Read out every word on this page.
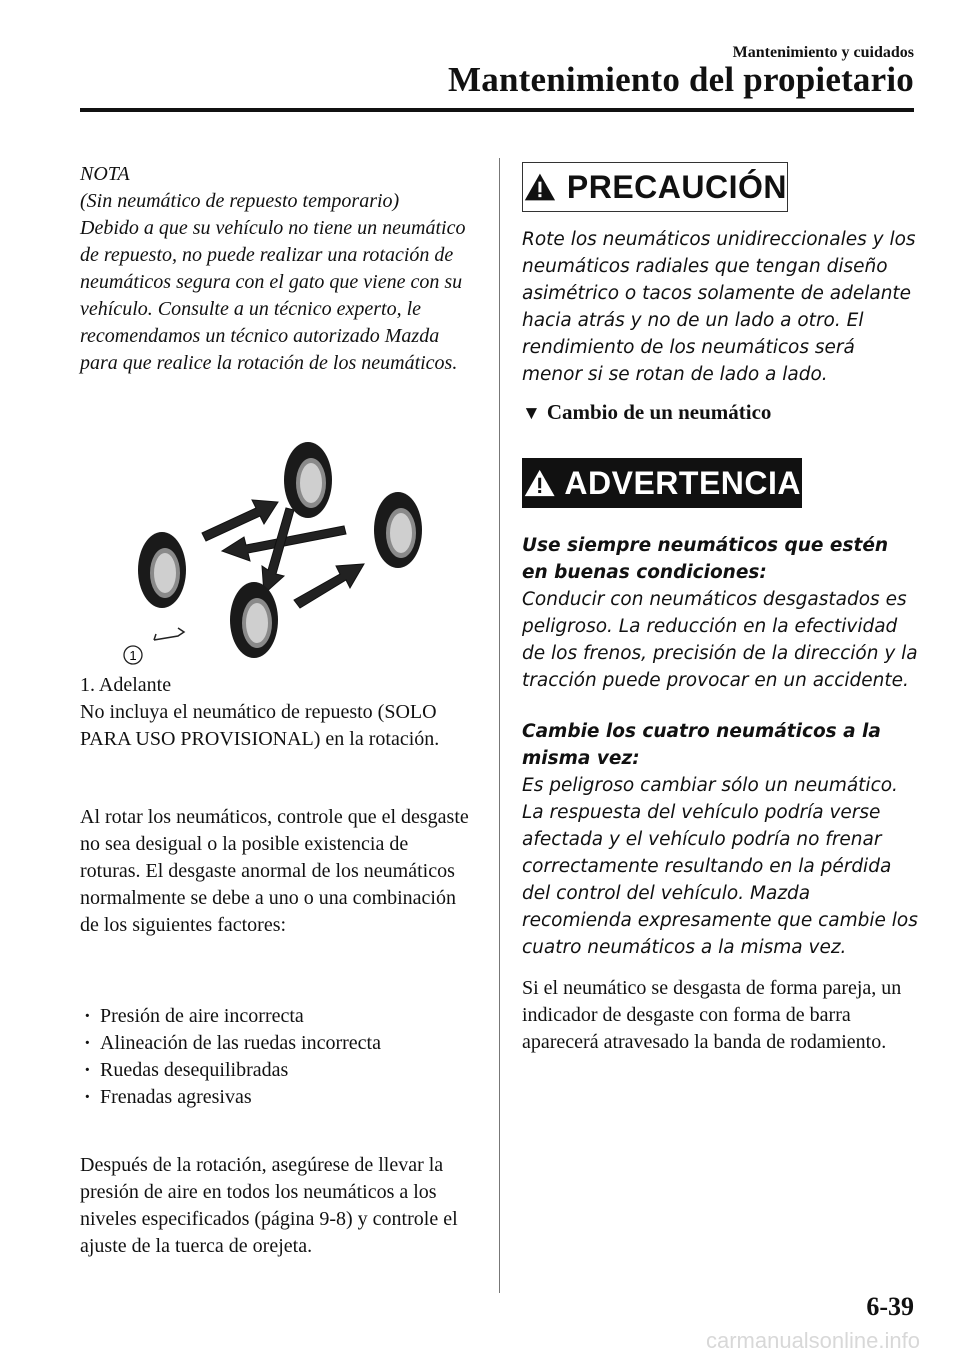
Mantenimiento y cuidados
Mantenimiento del propietario

NOTA

(Sin neumático de repuesto temporario)

Debido a que su vehículo no tiene un neumático de repuesto, no puede realizar una rotación de neumáticos segura con el gato que viene con su vehículo. Consulte a un técnico experto, le recomendamos un técnico autorizado Mazda para que realice la rotación de los neumáticos.

1
1. Adelante
No incluya el neumático de repuesto (SOLO PARA USO PROVISIONAL) en la rotación.
Al rotar los neumáticos, controle que el desgaste no sea desigual o la posible existencia de roturas. El desgaste anormal de los neumáticos normalmente se debe a uno o una combinación de los siguientes factores:
· Presión de aire incorrecta
· Alineación de las ruedas incorrecta
· Ruedas desequilibradas
· Frenadas agresivas
Después de la rotación, asegúrese de llevar la presión de aire en todos los neumáticos a los niveles especificados (página 9-8) y controle el ajuste de la tuerca de orejeta.
PRECAUCIÓN
Rote los neumáticos unidireccionales y los neumáticos radiales que tengan diseño asimétrico o tacos solamente de adelante hacia atrás y no de un lado a otro. El rendimiento de los neumáticos será menor si se rotan de lado a lado.
▼ Cambio de un neumático
ADVERTENCIA
Use siempre neumáticos que estén en buenas condiciones:
Conducir con neumáticos desgastados es peligroso. La reducción en la efectividad de los frenos, precisión de la dirección y la tracción puede provocar en un accidente.
Cambie los cuatro neumáticos a la misma vez:
Es peligroso cambiar sólo un neumático. La respuesta del vehículo podría verse afectada y el vehículo podría no frenar correctamente resultando en la pérdida del control del vehículo. Mazda recomienda expresamente que cambie los cuatro neumáticos a la misma vez.
Si el neumático se desgasta de forma pareja, un indicador de desgaste con forma de barra aparecerá atravesado la banda de rodamiento.
6-39
carmanualsonline.info
